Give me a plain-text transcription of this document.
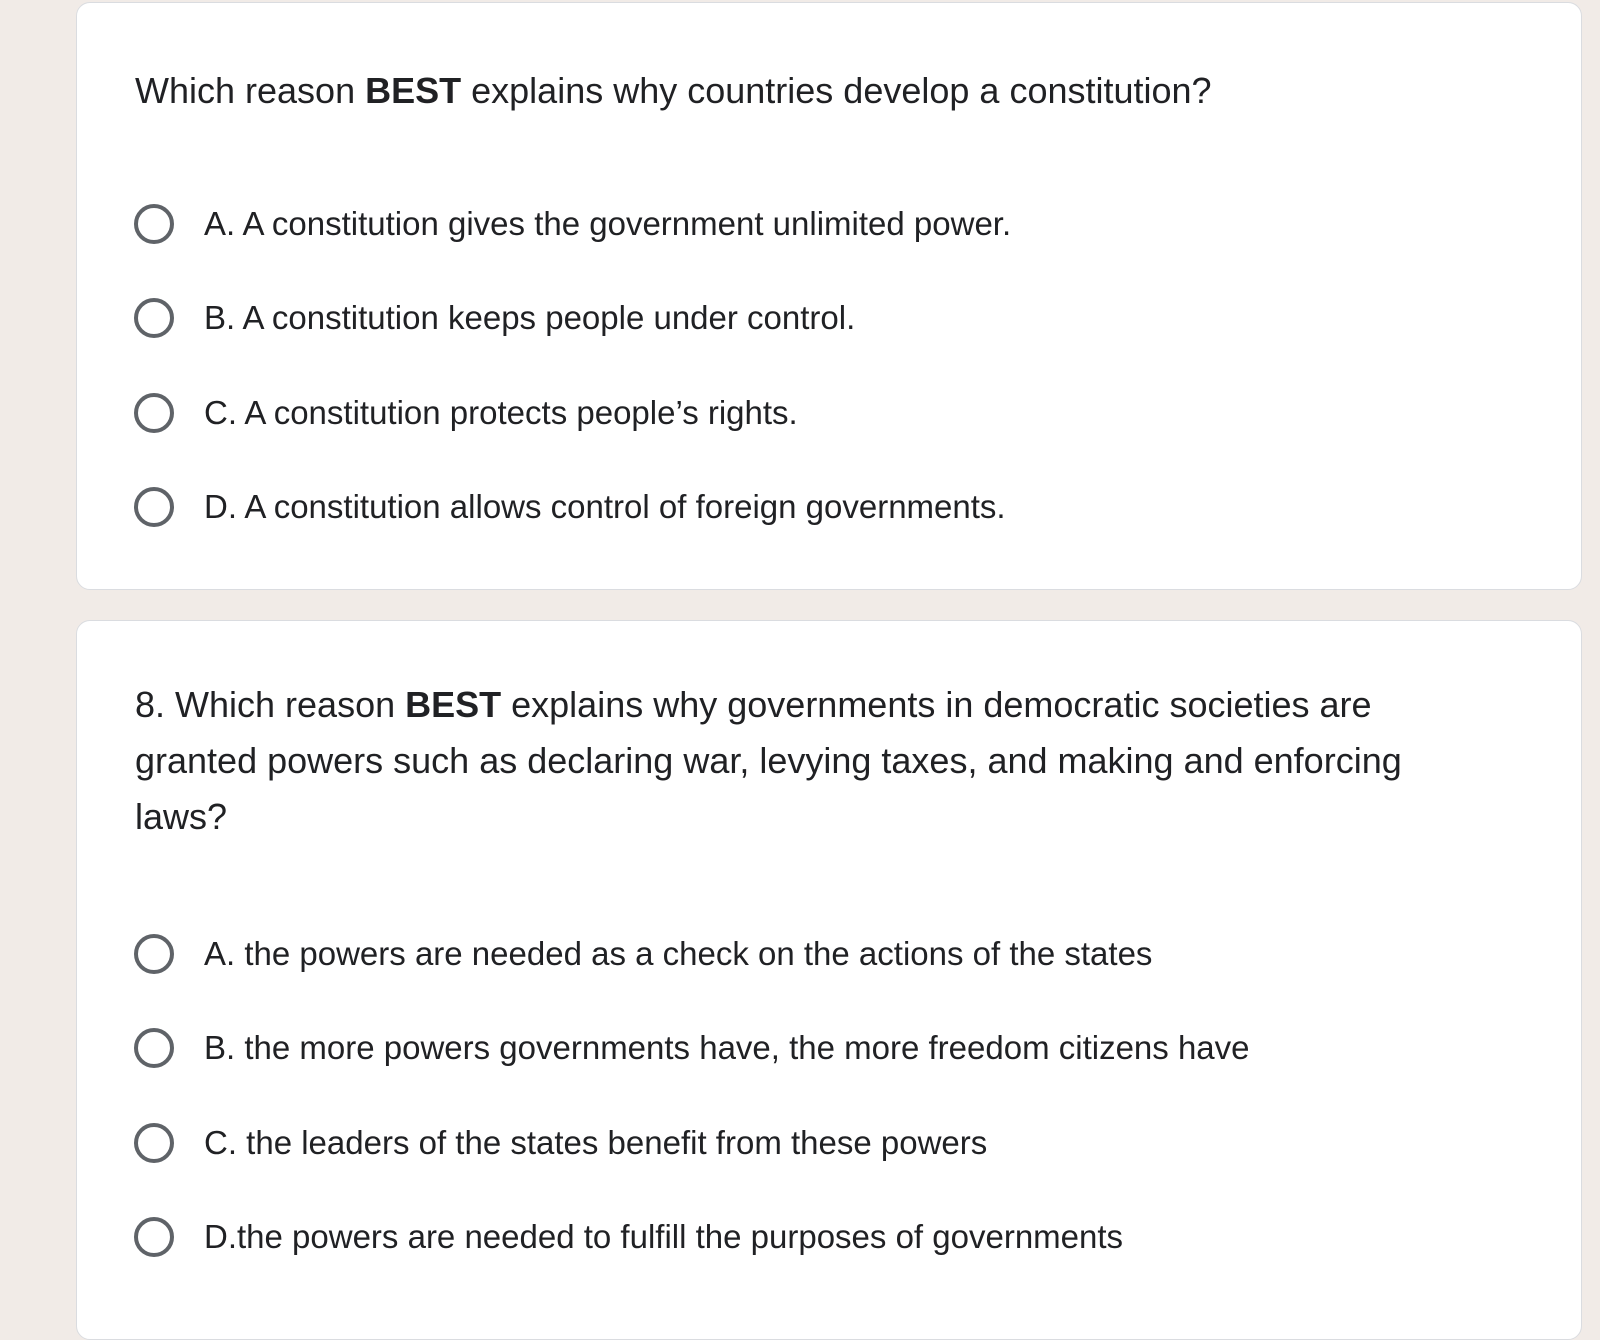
Which reason BEST explains why countries develop a constitution?
A. A constitution gives the government unlimited power.
B. A constitution keeps people under control.
C. A constitution protects people’s rights.
D. A constitution allows control of foreign governments.
8. Which reason BEST explains why governments in democratic societies are granted powers such as declaring war, levying taxes, and making and enforcing laws?
A. the powers are needed as a check on the actions of the states
B. the more powers governments have, the more freedom citizens have
C. the leaders of the states benefit from these powers
D.the powers are needed to fulfill the purposes of governments
